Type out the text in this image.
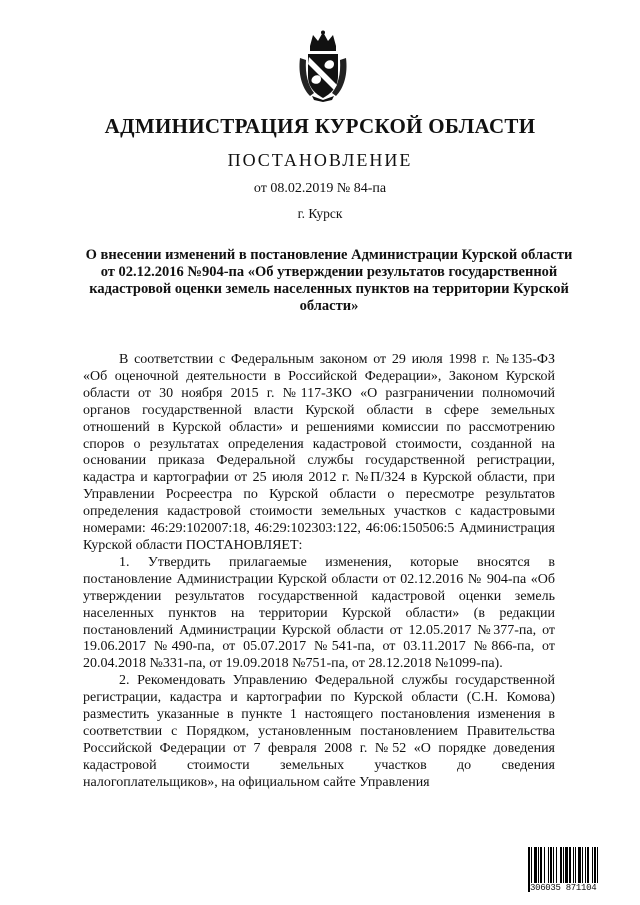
АДМИНИСТРАЦИЯ КУРСКОЙ ОБЛАСТИ
ПОСТАНОВЛЕНИЕ
от 08.02.2019 № 84-па
г. Курск
О внесении изменений в постановление Администрации Курской области от 02.12.2016 №904-па «Об утверждении результатов государственной кадастровой оценки земель населенных пунктов на территории Курской области»

В соответствии с Федеральным законом от 29 июля 1998 г. №135-ФЗ «Об оценочной деятельности в Российской Федерации», Законом Курской области от 30 ноября 2015 г. №117-ЗКО «О разграничении полномочий органов государственной власти Курской области в сфере земельных отношений в Курской области» и решениями комиссии по рассмотрению споров о результатах определения кадастровой стоимости, созданной на основании приказа Федеральной службы государственной регистрации, кадастра и картографии от 25 июля 2012 г. №П/324 в Курской области, при Управлении Росреестра по Курской области о пересмотре результатов определения кадастровой стоимости земельных участков с кадастровыми номерами: 46:29:102007:18, 46:29:102303:122, 46:06:150506:5 Администрация Курской области ПОСТАНОВЛЯЕТ:

1. Утвердить прилагаемые изменения, которые вносятся в постановление Администрации Курской области от 02.12.2016 № 904-па «Об утверждении результатов государственной кадастровой оценки земель населенных пунктов на территории Курской области» (в редакции постановлений Администрации Курской области от 12.05.2017 №377-па, от 19.06.2017 №490-па, от 05.07.2017 №541-па, от 03.11.2017 №866-па, от 20.04.2018 №331-па, от 19.09.2018 №751-па, от 28.12.2018 №1099-па).

2. Рекомендовать Управлению Федеральной службы государственной регистрации, кадастра и картографии по Курской области (С.Н. Комова) разместить указанные в пункте 1 настоящего постановления изменения в соответствии с Порядком, установленным постановлением Правительства Российской Федерации от 7 февраля 2008 г. №52 «О порядке доведения кадастровой стоимости земельных участков до сведения налогоплательщиков», на официальном сайте Управления

306035 871104
